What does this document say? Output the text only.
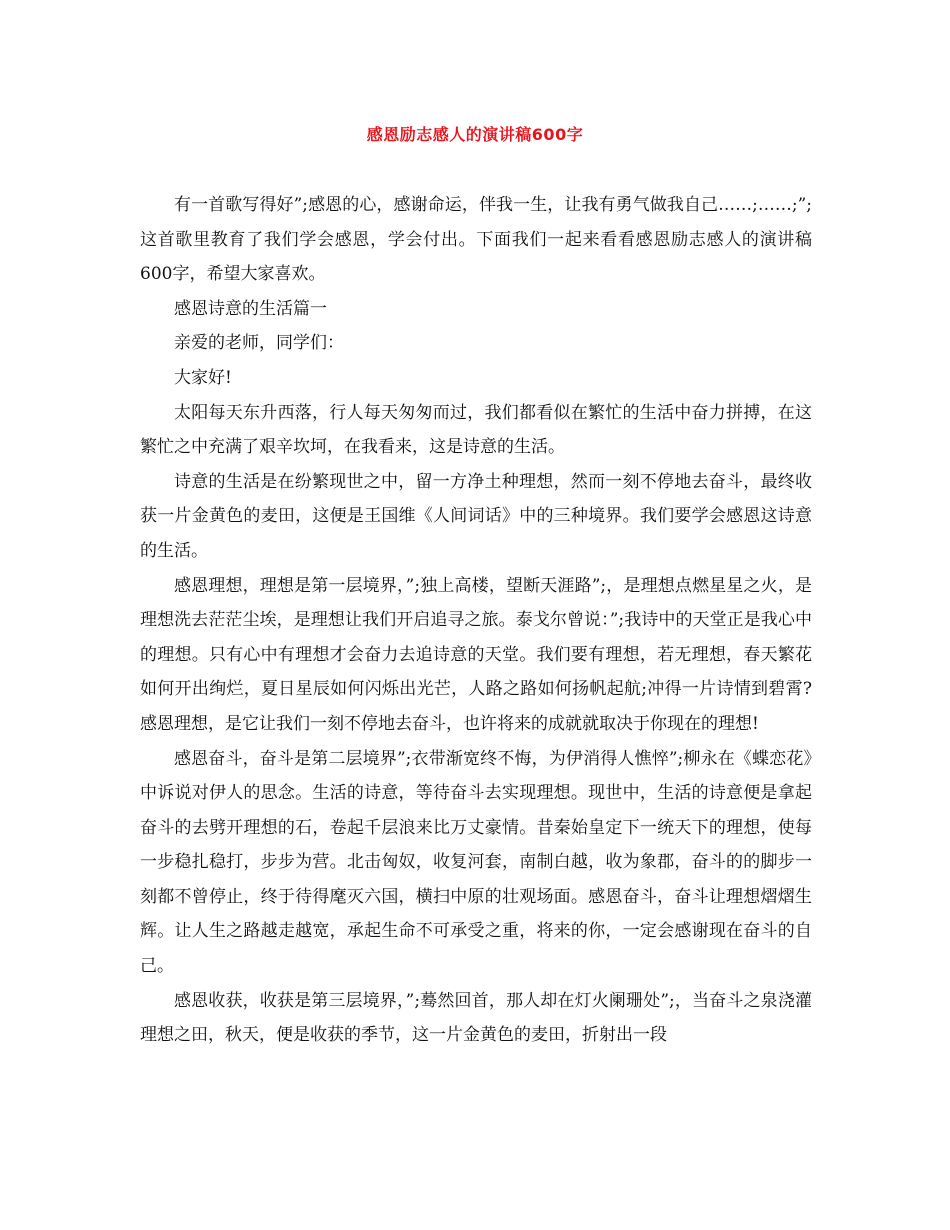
感恩励志感人的演讲稿600字

有一首歌写得好”;感恩的心，感谢命运，伴我一生，让我有勇气做我自己……;……;”;这首歌里教育了我们学会感恩，学会付出。下面我们一起来看看感恩励志感人的演讲稿600字，希望大家喜欢。

感恩诗意的生活篇一

亲爱的老师，同学们：

大家好!

太阳每天东升西落，行人每天匆匆而过，我们都看似在繁忙的生活中奋力拼搏，在这繁忙之中充满了艰辛坎坷，在我看来，这是诗意的生活。

诗意的生活是在纷繁现世之中，留一方净土种理想，然而一刻不停地去奋斗，最终收获一片金黄色的麦田，这便是王国维《人间词话》中的三种境界。我们要学会感恩这诗意的生活。

感恩理想，理想是第一层境界，”;独上高楼，望断天涯路”;，是理想点燃星星之火，是理想洗去茫茫尘埃，是理想让我们开启追寻之旅。泰戈尔曾说：”;我诗中的天堂正是我心中的理想。只有心中有理想才会奋力去追诗意的天堂。我们要有理想，若无理想，春天繁花如何开出绚烂，夏日星辰如何闪烁出光芒，人路之路如何扬帆起航;冲得一片诗情到碧霄?感恩理想，是它让我们一刻不停地去奋斗，也许将来的成就就取决于你现在的理想!

感恩奋斗，奋斗是第二层境界”;衣带渐宽终不悔，为伊消得人憔悴”;柳永在《蝶恋花》中诉说对伊人的思念。生活的诗意，等待奋斗去实现理想。现世中，生活的诗意便是拿起奋斗的去劈开理想的石，卷起千层浪来比万丈豪情。昔秦始皇定下一统天下的理想，使每一步稳扎稳打，步步为营。北击匈奴，收复河套，南制白越，收为象郡，奋斗的的脚步一刻都不曾停止，终于待得麾灭六国，横扫中原的壮观场面。感恩奋斗，奋斗让理想熠熠生辉。让人生之路越走越宽，承起生命不可承受之重，将来的你，一定会感谢现在奋斗的自己。

感恩收获，收获是第三层境界，”;蓦然回首，那人却在灯火阑珊处”;，当奋斗之泉浇灌理想之田，秋天，便是收获的季节，这一片金黄色的麦田，折射出一段
